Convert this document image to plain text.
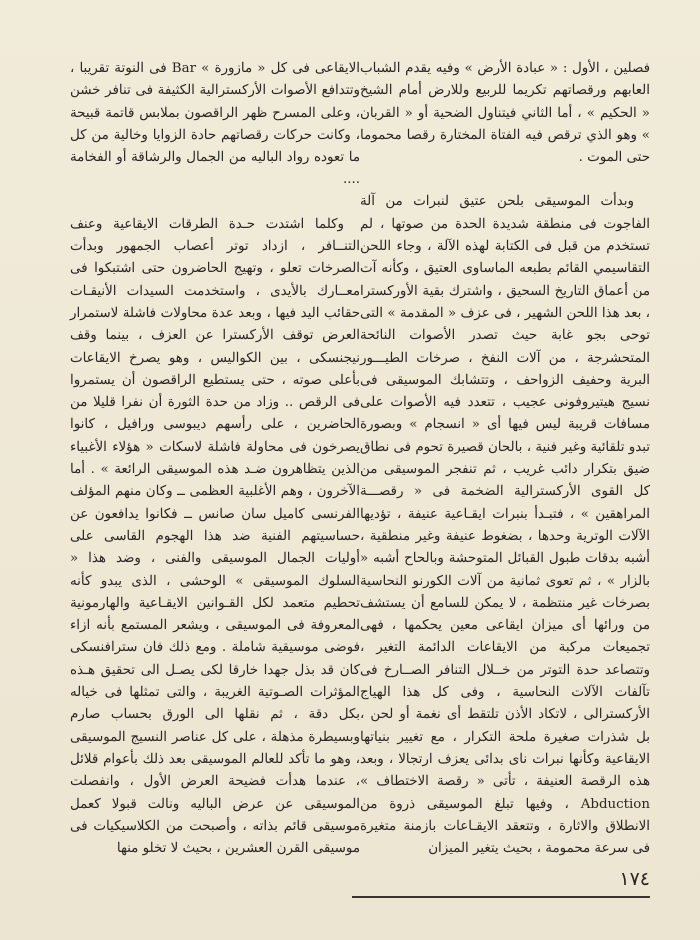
فصلين ، الأول : « عبادة الأرض » وفيه يقدم الشباب العابهم ورقصاتهم تكريما للربيع وللارض أمام الشيخ « الحكيم » ، أما الثاني فيتناول الضحية أو « القربان » وهو الذي ترقص فيه الفتاة المختارة رقصا محموما حتى الموت .

وبدأت الموسيقى بلحن عتيق لنبرات من آلة الفاجوت فى منطقة شديدة الحدة من صوتها ، لم تستخدم من قبل فى الكتابة لهذه الآلة ، وجاء اللحن التقاسيمي القائم بطبعه الماساوى العتيق ، وكأنه آت من أعماق التاريخ السحيق ، واشترك بقية الأوركسترا ، بعد هذا اللحن الشهير ، فى عزف « المقدمة » التى توحى بجو غابة حيث تصدر الأصوات النائحة المتحشرجة ، من آلات النفخ ، صرخات الطيـــور البرية وحفيف الزواحف ، وتتشابك الموسيقى فى نسيج هيتيروفونى عجيب ، تتعدد فيه الأصوات على مسافات قريبة ليس فيها أى « انسجام » وبصورة تبدو تلقائية وغير فنية ، بالحان قصيرة تحوم فى نطاق ضيق بتكرار دائب غريب ، ثم تنفجر الموسيقى من كل القوى الأركسترالية الضخمة فى « رقصـــة المراهقين » ، فتبـدأ بنبرات ايقـاعية عنيفة ، تؤديها الآلات الوترية وحدها ، بضغوط عنيفة وغير منطقية ، أشبه بدقات طبول القبائل المتوحشة وبالحاح أشبه « بالزار » ، ثم تعوى ثمانية من آلات الكورنو النحاسية بصرخات غير منتظمة ، لا يمكن للسامع أن يستشف من ورائها أى ميزان ايقاعى معين يحكمها ، فهى تجميعات مركبة من الايقاعات الدائمة التغير ، وتتصاعد حدة التوتر من خــلال التنافر الصــارخ فى تآلفات الآلات النحاسية ، وفى كل هذا الهياج الأركسترالى ، لاتكاد الأذن تلتقط أى نغمة أو لحن ، بل شذرات صغيرة ملحة التكرار ، مع تغيير بنياتها الايقاعية وكأنها نبرات ناى بدائى يعزف ارتجالا ، وبعد هذه الرقصة العنيفة ، تأتى « رقصة الاختطاف » Abduction ، وفيها تبلغ الموسيقى ذروة من الانطلاق والاثارة ، وتتعقد الايقـاعات بازمنة متغيرة فى سرعة محمومة ، بحيث يتغير الميزان

الايقاعى فى كل « مازورة » Bar فى النوتة تقريبا ، وتتدافع الأصوات الأركسترالية الكثيفة فى تنافر خشن ، وعلى المسرح ظهر الراقصون بملابس قاتمة قبيحة ، وكانت حركات رقصاتهم حادة الزوايا وخالية من كل ما تعوده رواد الباليه من الجمال والرشاقة أو الفخامة ....

وكلما اشتدت حـدة الطرقات الايقاعية وعنف التنــافر ، ازداد توتر أعصاب الجمهور وبدأت الصرخات تعلو ، وتهيج الحاضرون حتى اشتبكوا فى معــارك بالأيدى ، واستخدمت السيدات الأنيقـات حقائب اليد فيها ، وبعد عدة محاولات فاشلة لاستمرار العرض توقف الأركسترا عن العزف ، بينما وقف نيجنسكى ، بين الكواليس ، وهو يصرخ الايقاعات بأعلى صوته ، حتى يستطيع الراقصون أن يستمروا فى الرقص .. وزاد من حدة الثورة أن نفرا قليلا من الحاضرين ، على رأسهم ديبوسى ورافيل ، كانوا يصرخون فى محاولة فاشلة لاسكات « هؤلاء الأغبياء الذين يتظاهرون ضـد هذه الموسيقى الرائعة » . أما الآخرون ، وهم الأغلبية العظمى ــ وكان منهم المؤلف الفرنسى كاميل سان صانس ــ فكانوا يدافعون عن حساسيتهم الفنية ضد هذا الهجوم القاسى على أوليات الجمال الموسيقى والفنى ، وضد هذا « السلوك الموسيقى » الوحشى ، الذى يبدو كأنه تحطيم متعمد لكل القـوانين الايقـاعية والهارمونية المعروفة فى الموسيقى ، ويشعر المستمع بأنه ازاء فوضى موسيقية شاملة . ومع ذلك فان سترافنسكى كان قد بذل جهدا خارقا لكى يصـل الى تحقيق هـذه المؤثرات الصـوتية الغريبة ، والتى تمثلها فى خياله بكل دقة ، ثم نقلها الى الورق بحساب صارم وبسيطرة مذهلة ، على كل عناصر النسيج الموسيقى ، وهو ما تأكد للعالم الموسيقى بعد ذلك بأعوام قلائل ، عندما هدأت فضيحة العرض الأول ، وانفصلت الموسيقى عن عرض الباليه ونالت قبولا كعمل موسيقى قائم بذاته ، وأصبحت من الكلاسيكيات فى موسيقى القرن العشرين ، بحيث لا تخلو منها

١٧٤
